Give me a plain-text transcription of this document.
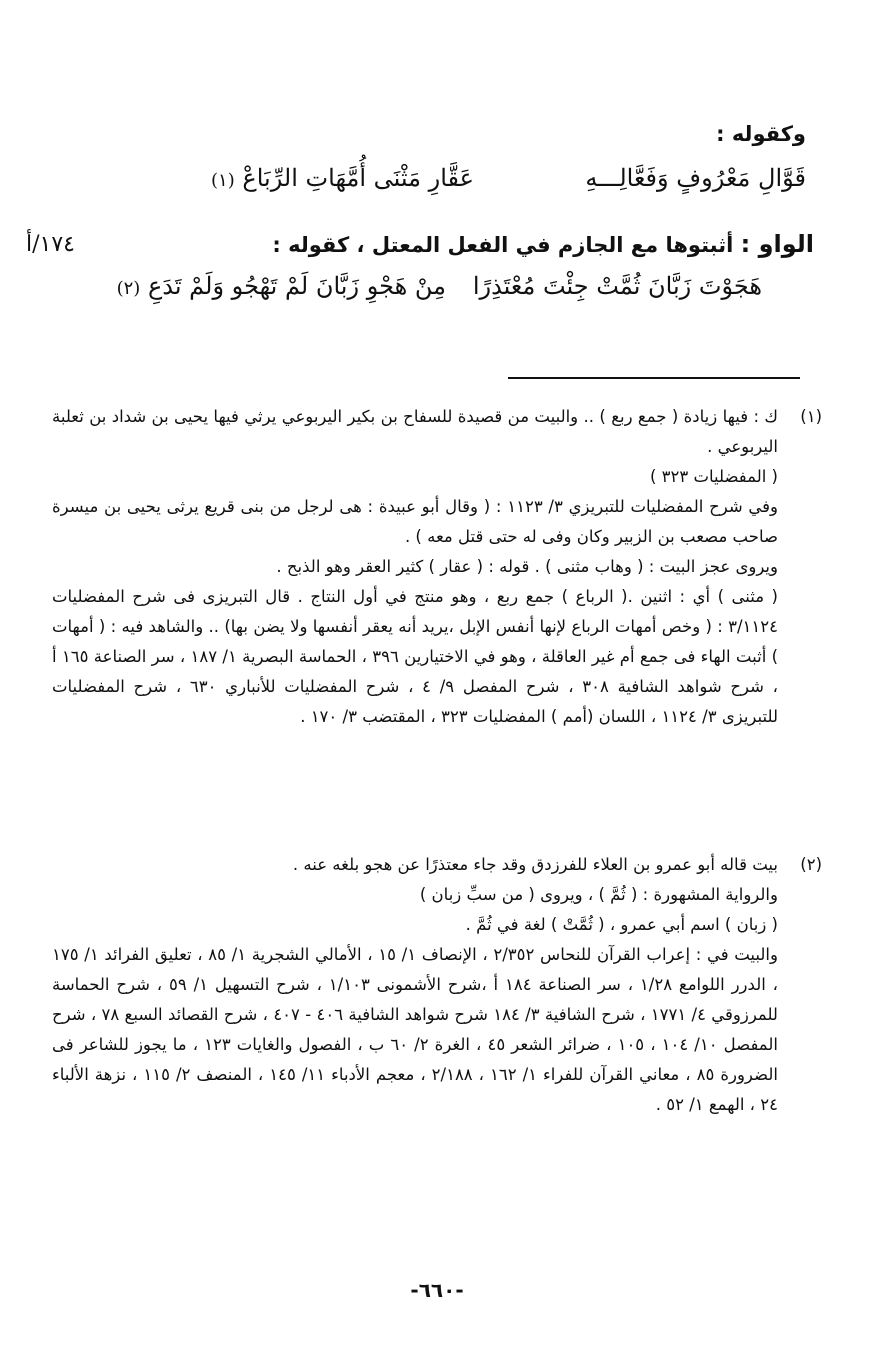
وكقوله :
قَوَّالِ مَعْرُوفٍ وَفَعَّالِـــهِ
عَقَّارِ مَثْنَى أُمَّهَاتِ الرِّبَاعْ (١)
١٧٤/أ	الواو : أثبتوها مع الجازم في الفعل المعتل ، كقوله :
هَجَوْتَ زَبَّانَ ثُمَّتْ جِئْتَ مُعْتَذِرًا
مِنْ هَجْوِ زَبَّانَ لَمْ تَهْجُو وَلَمْ تَدَعِ (٢)
(١)

ك : فيها زيادة ( جمع ربع ) .. والبيت من قصيدة للسفاح بن بكير اليربوعي يرثي فيها يحيى بن شداد بن ثعلبة اليربوعي .

( المفضليات ٣٢٣ )

وفي شرح المفضليات للتبريزي ٣/ ١١٢٣ : ( وقال أبو عبيدة : هى لرجل من بنى قريع يرثى يحيى بن ميسرة صاحب مصعب بن الزبير وكان وفى له حتى قتل معه ) .

ويروى عجز البيت : ( وهاب مثنى ) . قوله : ( عقار ) كثير العقر وهو الذبح .

( مثنى ) أي : اثنين .( الرباع ) جمع ربع ، وهو منتج في أول النتاج . قال التبريزى فى شرح المفضليات ٣/١١٢٤ : ( وخص أمهات الرباع لإنها أنفس الإبل ،يريد أنه يعقر أنفسها ولا يضن بها) .. والشاهد فيه : ( أمهات ) أثبت الهاء فى جمع أم غير العاقلة ، وهو في الاختيارين ٣٩٦ ، الحماسة البصرية ١/ ١٨٧ ، سر الصناعة ١٦٥ أ ، شرح شواهد الشافية ٣٠٨ ، شرح المفصل ٩/ ٤ ، شرح المفضليات للأنباري ٦٣٠ ، شرح المفضليات للتبريزى ٣/ ١١٢٤ ، اللسان (أمم ) المفضليات ٣٢٣ ، المقتضب ٣/ ١٧٠ .

(٢)

بيت قاله أبو عمرو بن العلاء للفرزدق وقد جاء معتذرًا عن هجو بلغه عنه .

والرواية المشهورة : ( ثُمَّ ) ، ويروى ( من سبِّ زبان )

( زبان ) اسم أبي عمرو ، ( ثُمَّتْ ) لغة في ثُمَّ .

والبيت في : إعراب القرآن للنحاس ٢/٣٥٢ ، الإنصاف ١/ ١٥ ، الأمالي الشجرية ١/ ٨٥ ، تعليق الفرائد ١/ ١٧٥ ، الدرر اللوامع ١/٢٨ ، سر الصناعة ١٨٤ أ ،شرح الأشمونى ١/١٠٣ ، شرح التسهيل ١/ ٥٩ ، شرح الحماسة للمرزوقي ٤/ ١٧٧١ ، شرح الشافية ٣/ ١٨٤ شرح شواهد الشافية ٤٠٦ - ٤٠٧ ، شرح القصائد السبع ٧٨ ، شرح المفصل ١٠/ ١٠٤ ، ١٠٥ ، ضرائر الشعر ٤٥ ، الغرة ٢/ ٦٠ ب ، الفصول والغايات ١٢٣ ، ما يجوز للشاعر فى الضرورة ٨٥ ، معاني القرآن للفراء ١/ ١٦٢ ، ٢/١٨٨ ، معجم الأدباء ١١/ ١٤٥ ، المنصف ٢/ ١١٥ ، نزهة الألباء ٢٤ ، الهمع ١/ ٥٢ .

-٦٦٠-
